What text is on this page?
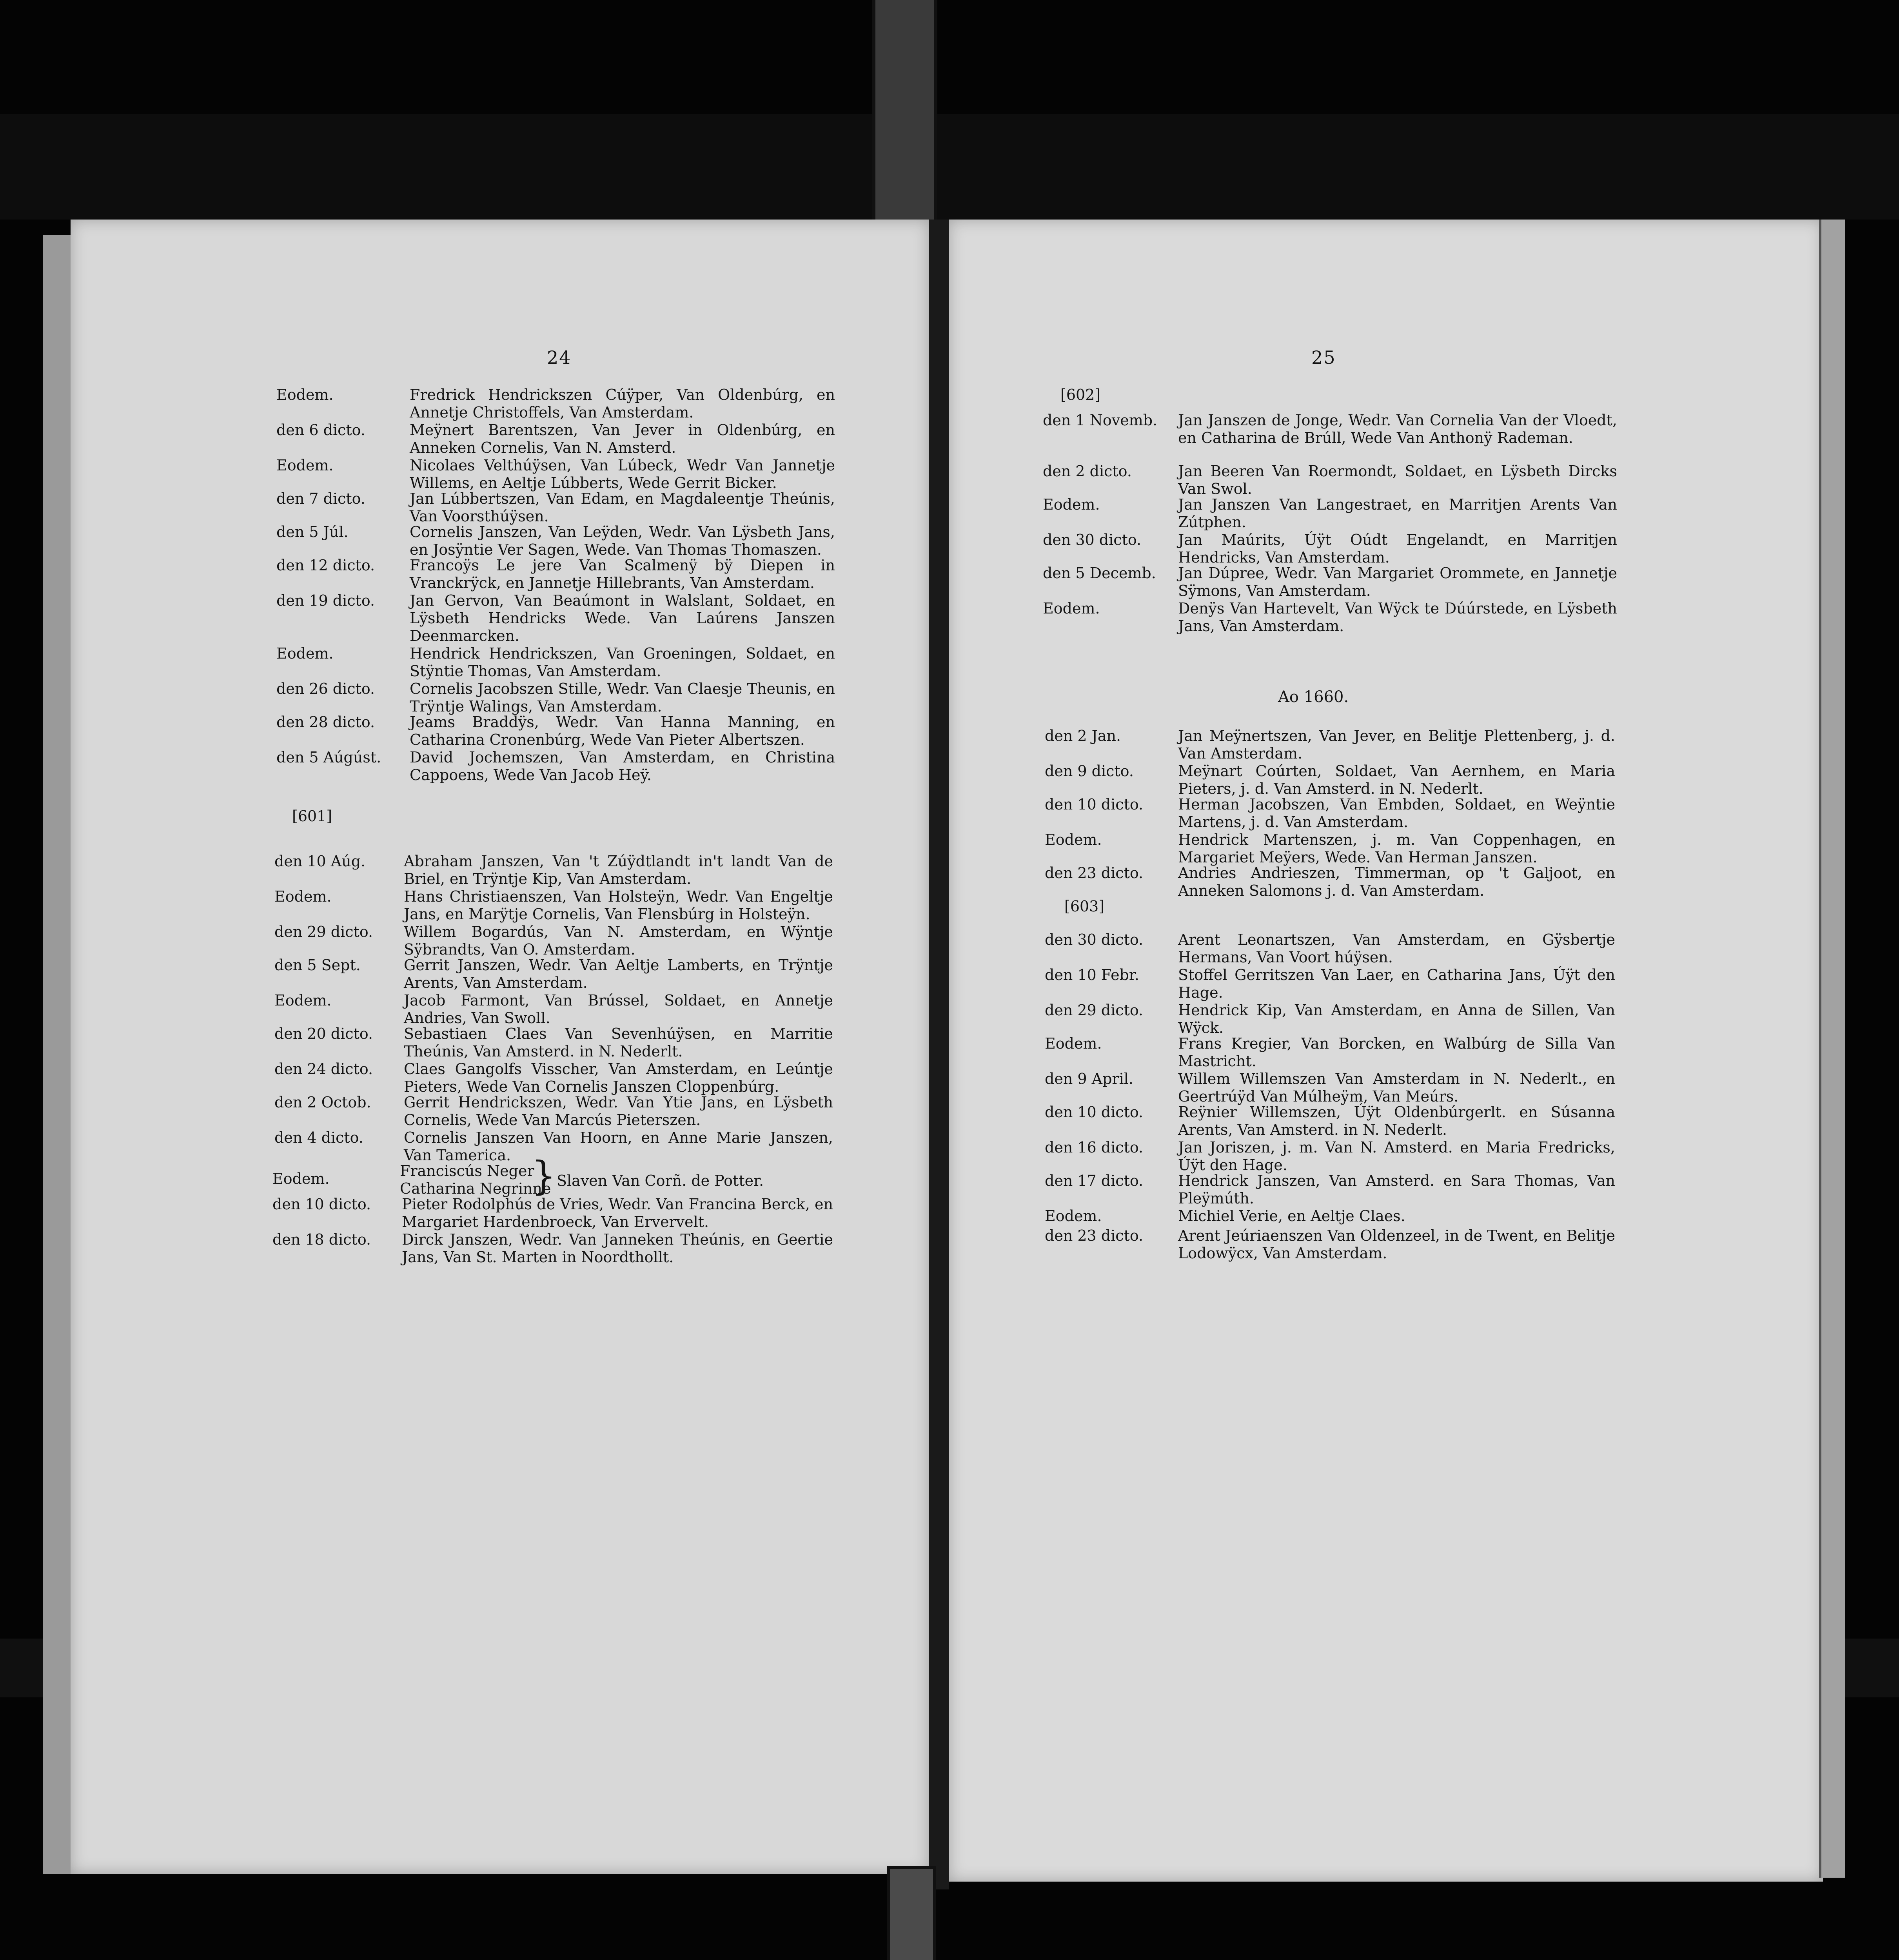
24
Eodem.	Fredrick Hendrickszen Cúÿper, Van Oldenbúrg, en Annetje Christoffels, Van Amsterdam.
den 6 dicto.	Meÿnert Barentszen, Van Jever in Oldenbúrg, en Anneken Cornelis, Van N. Amsterd.
Eodem.	Nicolaes Velthúÿsen, Van Lúbeck, Wedr Van Jannetje Willems, en Aeltje Lúbberts, Wede Gerrit Bicker.
den 7 dicto.	Jan Lúbbertszen, Van Edam, en Magdaleentje Theúnis, Van Voorsthúÿsen.
den 5 Júl.	Cornelis Janszen, Van Leÿden, Wedr. Van Lÿsbeth Jans, en Josÿntie Ver Sagen, Wede. Van Thomas Thomaszen.
den 12 dicto. Francoÿs Le jere Van Scalmenÿ bÿ Diepen in Vranckrÿck, en Jannetje Hillebrants, Van Amsterdam.
den 19 dicto. Jan Gervon, Van Beaúmont in Walslant, Soldaet, en Lÿsbeth Hendricks Wede. Van Laúrens Janszen Deenmarcken.
Eodem.	Hendrick Hendrickszen, Van Groeningen, Soldaet, en Stÿntie Thomas, Van Amsterdam.
den 26 dicto. Cornelis Jacobszen Stille, Wedr. Van Claesje Theunis, en Trÿntje Walings, Van Amsterdam.
den 28 dicto. Jeams Braddÿs, Wedr. Van Hanna Manning, en Catharina Cronenbúrg, Wede Van Pieter Albertszen.
den 5 Aúgúst. David Jochemszen, Van Amsterdam, en Christina Cappoens, Wede Van Jacob Heÿ.
[601]
den 10 Aúg.	Abraham Janszen, Van 't Zúÿdtlandt in't landt Van de Briel, en Trÿntje Kip, Van Amsterdam.
Eodem.	Hans Christiaenszen, Van Holsteÿn, Wedr. Van Engeltje Jans, en Marÿtje Cornelis, Van Flensbúrg in Holsteÿn.
den 29 dicto. Willem Bogardús, Van N. Amsterdam, en Wÿntje Sÿbrandts, Van O. Amsterdam.
den 5 Sept.	Gerrit Janszen, Wedr. Van Aeltje Lamberts, en Trÿntje Arents, Van Amsterdam.
Eodem.	Jacob Farmont, Van Brússel, Soldaet, en Annetje Andries, Van Swoll.
den 20 dicto. Sebastiaen Claes Van Sevenhúÿsen, en Marritie Theúnis, Van Amsterd. in N. Nederlt.
den 24 dicto. Claes Gangolfs Visscher, Van Amsterdam, en Leúntje Pieters, Wede Van Cornelis Janszen Cloppenbúrg.
den 2 Octob. Gerrit Hendrickszen, Wedr. Van Ytie Jans, en Lÿsbeth Cornelis, Wede Van Marcús Pieterszen.
den 4 dicto.	Cornelis Janszen Van Hoorn, en Anne Marie Janszen, Van Tamerica.
Eodem.	Franciscús Neger
Catharina Negrinne
} Slaven Van Corñ. de Potter.
den 10 dicto. Pieter Rodolphús de Vries, Wedr. Van Francina Berck, en Margariet Hardenbroeck, Van Ervervelt.
den 18 dicto. Dirck Janszen, Wedr. Van Janneken Theúnis, en Geertie Jans, Van St. Marten in Noordthollt.
25
[602]
den 1 Novemb. Jan Janszen de Jonge, Wedr. Van Cornelia Van der Vloedt, en Catharina de Brúll, Wede Van Anthonÿ Rademan.
den 2 dicto.	Jan Beeren Van Roermondt, Soldaet, en Lÿsbeth Dircks Van Swol.
Eodem.	Jan Janszen Van Langestraet, en Marritjen Arents Van Zútphen.
den 30 dicto. Jan Maúrits, Úÿt Oúdt Engelandt, en Marritjen Hendricks, Van Amsterdam.
den 5 Decemb. Jan Dúpree, Wedr. Van Margariet Orommete, en Jannetje Sÿmons, Van Amsterdam.
Eodem.	Denÿs Van Hartevelt, Van Wÿck te Dúúrstede, en Lÿsbeth Jans, Van Amsterdam.
Ao 1660.
den 2 Jan.	Jan Meÿnertszen, Van Jever, en Belitje Plettenberg, j. d. Van Amsterdam.
den 9 dicto.	Meÿnart Coúrten, Soldaet, Van Aernhem, en Maria Pieters, j. d. Van Amsterd. in N. Nederlt.
den 10 dicto. Herman Jacobszen, Van Embden, Soldaet, en Weÿntie Martens, j. d. Van Amsterdam.
Eodem.	Hendrick Martenszen, j. m. Van Coppenhagen, en Margariet Meÿers, Wede. Van Herman Janszen.
den 23 dicto. Andries Andrieszen, Timmerman, op 't Galjoot, en Anneken Salomons j. d. Van Amsterdam.
[603]
den 30 dicto. Arent Leonartszen, Van Amsterdam, en Gÿsbertje Hermans, Van Voort húÿsen.
den 10 Febr.	Stoffel Gerritszen Van Laer, en Catharina Jans, Úÿt den Hage.
den 29 dicto. Hendrick Kip, Van Amsterdam, en Anna de Sillen, Van Wÿck.
Eodem.	Frans Kregier, Van Borcken, en Walbúrg de Silla Van Mastricht.
den 9 April.	Willem Willemszen Van Amsterdam in N. Nederlt., en Geertrúÿd Van Múlheÿm, Van Meúrs.
den 10 dicto. Reÿnier Willemszen, Úÿt Oldenbúrgerlt. en Súsanna Arents, Van Amsterd. in N. Nederlt.
den 16 dicto. Jan Joriszen, j. m. Van N. Amsterd. en Maria Fredricks, Úÿt den Hage.
den 17 dicto. Hendrick Janszen, Van Amsterd. en Sara Thomas, Van Pleÿmúth.
Eodem.	Michiel Verie, en Aeltje Claes.
den 23 dicto. Arent Jeúriaenszen Van Oldenzeel, in de Twent, en Belitje Lodowÿcx, Van Amsterdam.
